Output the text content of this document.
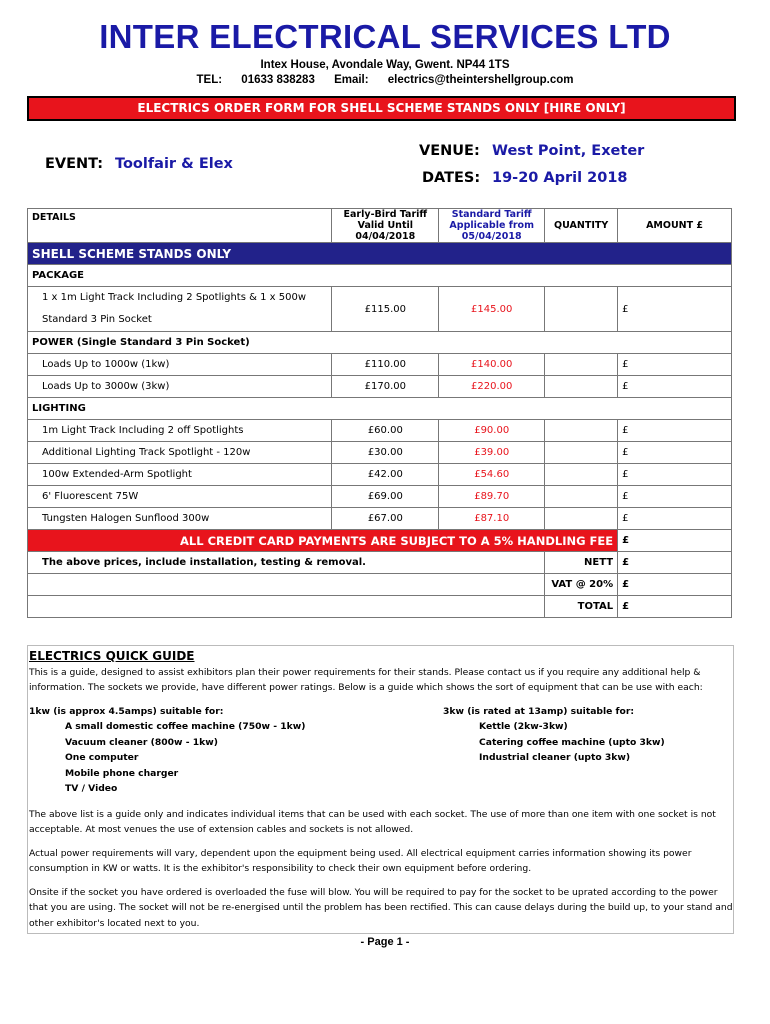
INTER ELECTRICAL SERVICES LTD
Intex House, Avondale Way, Gwent. NP44 1TS
TEL: 01633 838283 Email: electrics@theintershellgroup.com
ELECTRICS ORDER FORM FOR SHELL SCHEME STANDS ONLY [HIRE ONLY]
EVENT: Toolfair & Elex
VENUE: West Point, Exeter
DATES: 19-20 April 2018
DETAILS	Early-Bird Tariff
Valid Until
04/04/2018	Standard Tariff
Applicable from
05/04/2018	QUANTITY	AMOUNT £
SHELL SCHEME STANDS ONLY				
PACKAGE				
1 x 1m Light Track Including 2 Spotlights & 1 x 500w
Standard 3 Pin Socket	£115.00	£145.00		£
POWER (Single Standard 3 Pin Socket)				
Loads Up to 1000w (1kw)	£110.00	£140.00		£
Loads Up to 3000w (3kw)	£170.00	£220.00		£
LIGHTING				
1m Light Track Including 2 off Spotlights	£60.00	£90.00		£
Additional Lighting Track Spotlight - 120w	£30.00	£39.00		£
100w Extended-Arm Spotlight	£42.00	£54.60		£
6' Fluorescent 75W	£69.00	£89.70		£
Tungsten Halogen Sunflood 300w	£67.00	£87.10		£
ALL CREDIT CARD PAYMENTS ARE SUBJECT TO A 5% HANDLING FEE				£
The above prices, include installation, testing & removal.			NETT	£
			VAT @ 20%	£
			TOTAL	£
ELECTRICS QUICK GUIDE
This is a guide, designed to assist exhibitors plan their power requirements for their stands. Please contact us if you require any additional help & information. The sockets we provide, have different power ratings. Below is a guide which shows the sort of equipment that can be use with each:
1kw (is approx 4.5amps) suitable for:
A small domestic coffee machine (750w - 1kw)
Vacuum cleaner (800w - 1kw)
One computer
Mobile phone charger
TV / Video
3kw (is rated at 13amp) suitable for:
Kettle (2kw-3kw)
Catering coffee machine (upto 3kw)
Industrial cleaner (upto 3kw)
The above list is a guide only and indicates individual items that can be used with each socket. The use of more than one item with one socket is not acceptable. At most venues the use of extension cables and sockets is not allowed.
Actual power requirements will vary, dependent upon the equipment being used. All electrical equipment carries information showing its power consumption in KW or watts. It is the exhibitor's responsibility to check their own equipment before ordering.
Onsite if the socket you have ordered is overloaded the fuse will blow. You will be required to pay for the socket to be uprated according to the power that you are using. The socket will not be re-energised until the problem has been rectified. This can cause delays during the build up, to your stand and other exhibitor's located next to you.
- Page 1 -
